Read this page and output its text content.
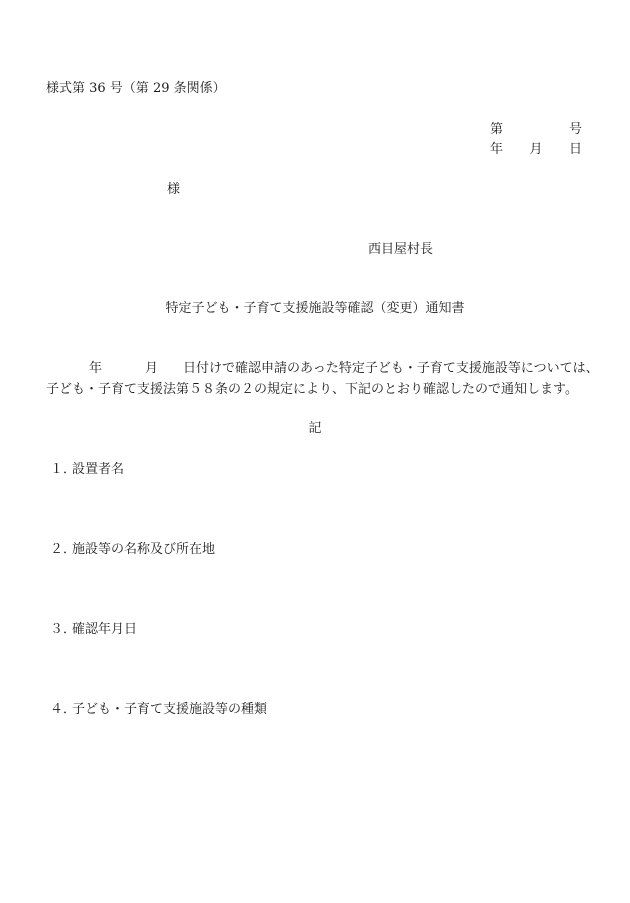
様式第 36 号（第 29 条関係）
第	号
年 月 日
様
西目屋村長
特定子ども・子育て支援施設等確認（変更）通知書
年	月 日付けで確認申請のあった特定子ども・子育て支援施設等については、
子ども・子育て支援法第５８条の２の規定により、下記のとおり確認したので通知します。
記
１．設置者名
２．施設等の名称及び所在地
３．確認年月日
４．子ども・子育て支援施設等の種類
